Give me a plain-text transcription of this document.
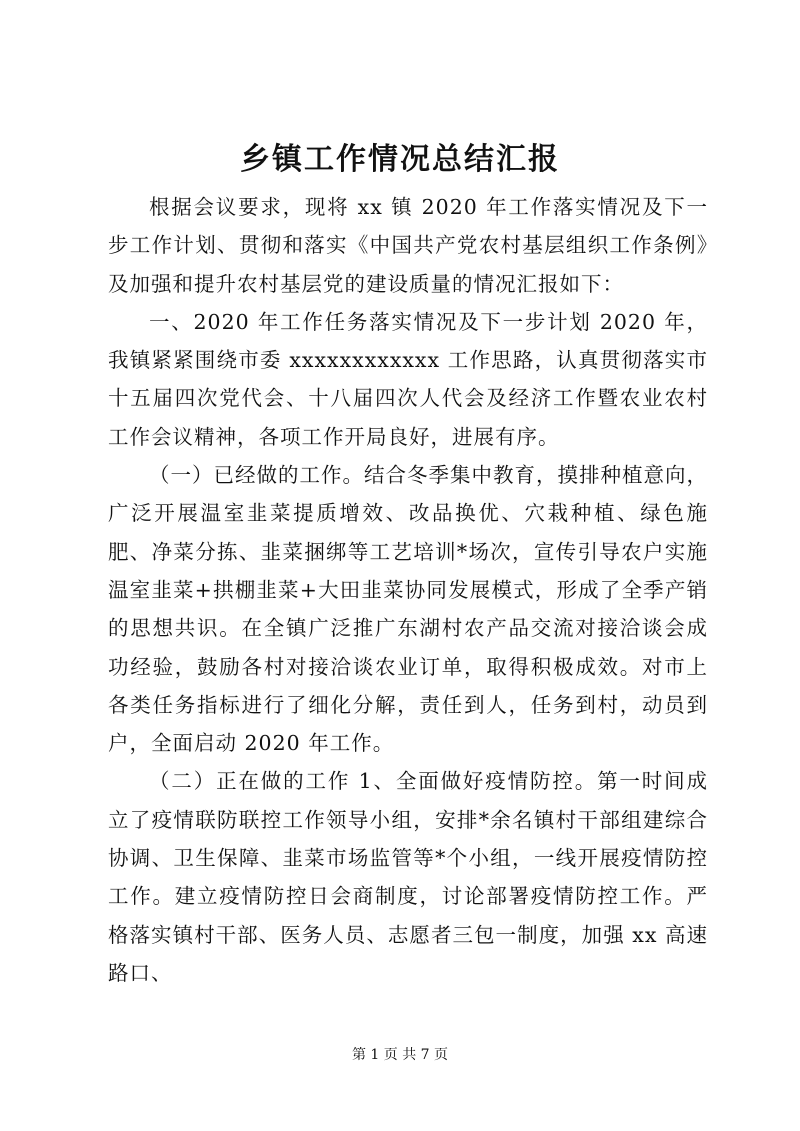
乡镇工作情况总结汇报

根据会议要求，现将 xx 镇 2020 年工作落实情况及下一步工作计划、贯彻和落实《中国共产党农村基层组织工作条例》及加强和提升农村基层党的建设质量的情况汇报如下：

一、2020 年工作任务落实情况及下一步计划 2020 年，我镇紧紧围绕市委 xxxxxxxxxxxx 工作思路，认真贯彻落实市十五届四次党代会、十八届四次人代会及经济工作暨农业农村工作会议精神，各项工作开局良好，进展有序。

（一）已经做的工作。结合冬季集中教育，摸排种植意向，广泛开展温室韭菜提质增效、改品换优、穴栽种植、绿色施肥、净菜分拣、韭菜捆绑等工艺培训*场次，宣传引导农户实施温室韭菜+拱棚韭菜+大田韭菜协同发展模式，形成了全季产销的思想共识。在全镇广泛推广东湖村农产品交流对接洽谈会成功经验，鼓励各村对接洽谈农业订单，取得积极成效。对市上各类任务指标进行了细化分解，责任到人，任务到村，动员到户，全面启动 2020 年工作。

（二）正在做的工作 1、全面做好疫情防控。第一时间成立了疫情联防联控工作领导小组，安排*余名镇村干部组建综合协调、卫生保障、韭菜市场监管等*个小组，一线开展疫情防控工作。建立疫情防控日会商制度，讨论部署疫情防控工作。严格落实镇村干部、医务人员、志愿者三包一制度，加强 xx 高速路口、

第 1 页 共 7 页
